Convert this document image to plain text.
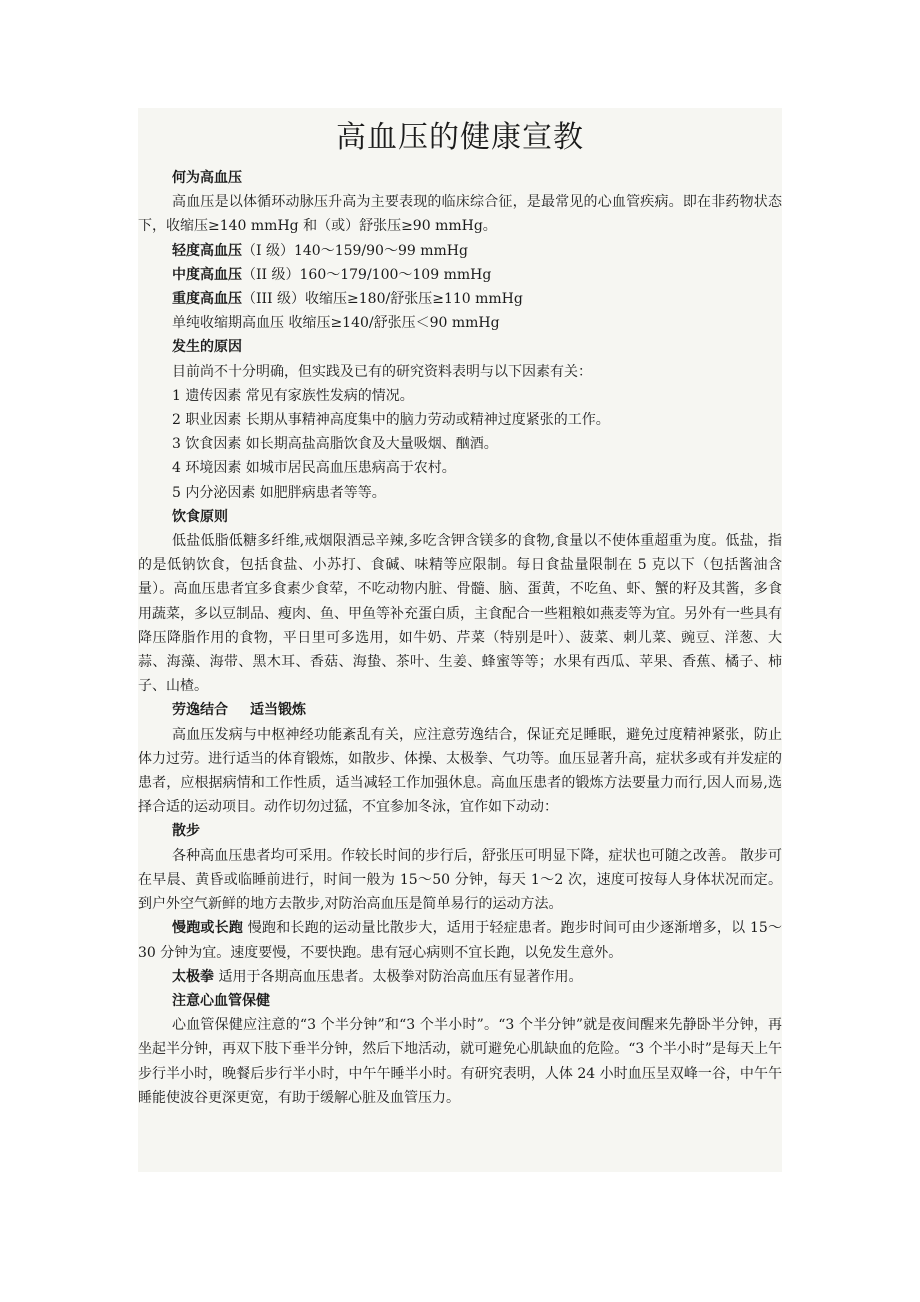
高血压的健康宣教
何为高血压
高血压是以体循环动脉压升高为主要表现的临床综合征，是最常见的心血管疾病。即在非药物状态下，收缩压≥140 mmHg 和（或）舒张压≥90 mmHg。
轻度高血压（I 级）140～159/90～99 mmHg
中度高血压（II 级）160～179/100～109 mmHg
重度高血压（III 级）收缩压≥180/舒张压≥110 mmHg
单纯收缩期高血压 收缩压≥140/舒张压＜90 mmHg
发生的原因
目前尚不十分明确，但实践及已有的研究资料表明与以下因素有关：
1 遗传因素 常见有家族性发病的情况。
2 职业因素 长期从事精神高度集中的脑力劳动或精神过度紧张的工作。
3 饮食因素 如长期高盐高脂饮食及大量吸烟、酗酒。
4 环境因素 如城市居民高血压患病高于农村。
5 内分泌因素 如肥胖病患者等等。
饮食原则
低盐低脂低糖多纤维,戒烟限酒忌辛辣,多吃含钾含镁多的食物,食量以不使体重超重为度。低盐，指的是低钠饮食，包括食盐、小苏打、食碱、味精等应限制。每日食盐量限制在 5 克以下（包括酱油含量）。高血压患者宜多食素少食荤，不吃动物内脏、骨髓、脑、蛋黄，不吃鱼、虾、蟹的籽及其酱，多食用蔬菜，多以豆制品、瘦肉、鱼、甲鱼等补充蛋白质，主食配合一些粗粮如燕麦等为宜。另外有一些具有降压降脂作用的食物，平日里可多选用，如牛奶、芹菜（特别是叶）、菠菜、刺儿菜、豌豆、洋葱、大蒜、海藻、海带、黑木耳、香菇、海蛰、茶叶、生姜、蜂蜜等等；水果有西瓜、苹果、香蕉、橘子、柿子、山楂。
劳逸结合 适当锻炼
高血压发病与中枢神经功能紊乱有关，应注意劳逸结合，保证充足睡眠，避免过度精神紧张，防止体力过劳。进行适当的体育锻炼，如散步、体操、太极拳、气功等。血压显著升高，症状多或有并发症的患者，应根据病情和工作性质，适当减轻工作加强休息。高血压患者的锻炼方法要量力而行,因人而易,选择合适的运动项目。动作切勿过猛，不宜参加冬泳，宜作如下动动：
散步
各种高血压患者均可采用。作较长时间的步行后，舒张压可明显下降，症状也可随之改善。 散步可在早晨、黄昏或临睡前进行，时间一般为 15～50 分钟，每天 1～2 次，速度可按每人身体状况而定。到户外空气新鲜的地方去散步,对防治高血压是简单易行的运动方法。
慢跑或长跑 慢跑和长跑的运动量比散步大，适用于轻症患者。跑步时间可由少逐渐增多，以 15～30 分钟为宜。速度要慢，不要快跑。患有冠心病则不宜长跑，以免发生意外。
太极拳 适用于各期高血压患者。太极拳对防治高血压有显著作用。
注意心血管保健
心血管保健应注意的“3 个半分钟”和“3 个半小时”。“3 个半分钟”就是夜间醒来先静卧半分钟，再坐起半分钟，再双下肢下垂半分钟，然后下地活动，就可避免心肌缺血的危险。“3 个半小时”是每天上午步行半小时，晚餐后步行半小时，中午午睡半小时。有研究表明，人体 24 小时血压呈双峰一谷，中午午睡能使波谷更深更宽，有助于缓解心脏及血管压力。
